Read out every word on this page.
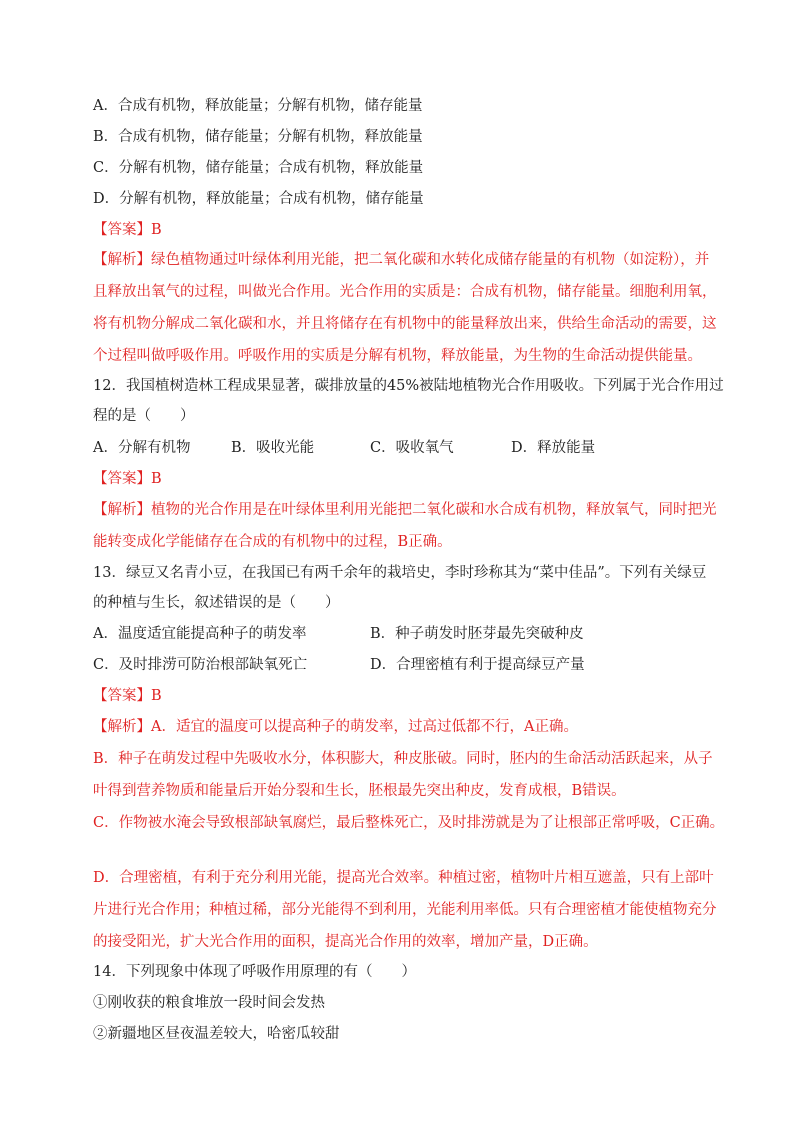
A．合成有机物，释放能量；分解有机物，储存能量
B．合成有机物，储存能量；分解有机物，释放能量
C．分解有机物，储存能量；合成有机物，释放能量
D．分解有机物，释放能量；合成有机物，储存能量
【答案】B
【解析】绿色植物通过叶绿体利用光能，把二氧化碳和水转化成储存能量的有机物（如淀粉），并
且释放出氧气的过程，叫做光合作用。光合作用的实质是：合成有机物，储存能量。细胞利用氧，
将有机物分解成二氧化碳和水，并且将储存在有机物中的能量释放出来，供给生命活动的需要，这
个过程叫做呼吸作用。呼吸作用的实质是分解有机物，释放能量，为生物的生命活动提供能量。
12．我国植树造林工程成果显著，碳排放量的45%被陆地植物光合作用吸收。下列属于光合作用过
程的是（　　）
A．分解有机物	B．吸收光能	C．吸收氧气	D．释放能量
【答案】B
【解析】植物的光合作用是在叶绿体里利用光能把二氧化碳和水合成有机物，释放氧气，同时把光
能转变成化学能储存在合成的有机物中的过程，B正确。
13．绿豆又名青小豆，在我国已有两千余年的栽培史，李时珍称其为“菜中佳品”。下列有关绿豆
的种植与生长，叙述错误的是（　　）
A．温度适宜能提高种子的萌发率	B．种子萌发时胚芽最先突破种皮
C．及时排涝可防治根部缺氧死亡	D．合理密植有利于提高绿豆产量
【答案】B
【解析】A．适宜的温度可以提高种子的萌发率，过高过低都不行，A正确。
B．种子在萌发过程中先吸收水分，体积膨大，种皮胀破。同时，胚内的生命活动活跃起来，从子
叶得到营养物质和能量后开始分裂和生长，胚根最先突出种皮，发育成根，B错误。
C．作物被水淹会导致根部缺氧腐烂，最后整株死亡，及时排涝就是为了让根部正常呼吸，C正确。
D．合理密植，有利于充分利用光能，提高光合效率。种植过密，植物叶片相互遮盖，只有上部叶
片进行光合作用；种植过稀，部分光能得不到利用，光能利用率低。只有合理密植才能使植物充分
的接受阳光，扩大光合作用的面积，提高光合作用的效率，增加产量，D正确。
14．下列现象中体现了呼吸作用原理的有（　　）
①刚收获的粮食堆放一段时间会发热
②新疆地区昼夜温差较大，哈密瓜较甜
